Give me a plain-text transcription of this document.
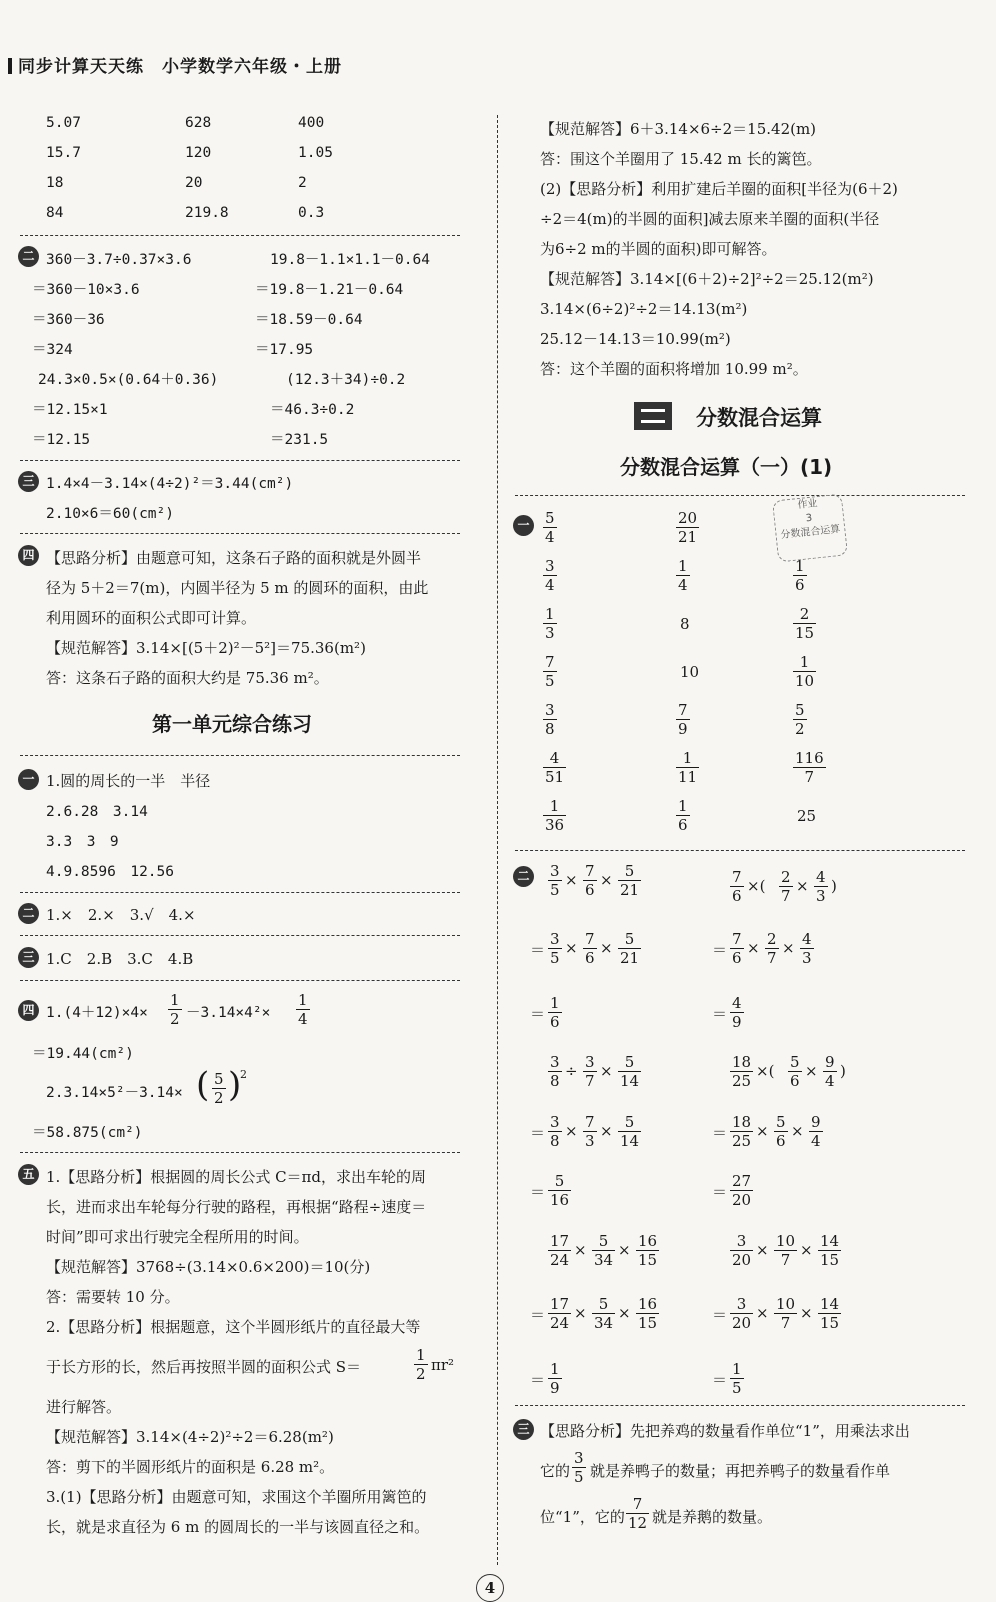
同步计算天天练　小学数学六年级・上册
5.07	628	400
15.7	120	1.05
18	20	2
84	219.8	0.3
二 360－3.7÷0.37×3.6	19.8－1.1×1.1－0.64
＝360－10×3.6	＝19.8－1.21－0.64
＝360－36	＝18.59－0.64
＝324	＝17.95
24.3×0.5×(0.64＋0.36)	(12.3＋34)÷0.2
＝12.15×1	＝46.3÷0.2
＝12.15	＝231.5
三 1.4×4－3.14×(4÷2)²＝3.44(cm²)
2.10×6＝60(cm²)
四 【思路分析】由题意可知，这条石子路的面积就是外圆半
径为 5＋2＝7(m)，内圆半径为 5 m 的圆环的面积，由此
利用圆环的面积公式即可计算。
【规范解答】3.14×[(5＋2)²－5²]＝75.36(m²)
答：这条石子路的面积大约是 75.36 m²。
第一单元综合练习
一 1.圆的周长的一半　半径
2.6.28　3.14
3.3　3　9
4.9.8596　12.56
二 1.×　2.×　3.√　4.×
三 1.C　2.B　3.C　4.B
四 $1.(4+12)\times 4\times \frac{1}{2} -3.14\times 4^2\times \frac{1}{4}$
＝19.44(cm²)
2.3.14×5²－3.14× ( $\frac{5}{2}$ )
2
＝58.875(cm²)
五 1.【思路分析】根据圆的周长公式 C＝πd，求出车轮的周
长，进而求出车轮每分行驶的路程，再根据“路程÷速度＝
时间”即可求出行驶完全程所用的时间。
【规范解答】3768÷(3.14×0.6×200)＝10(分)
答：需要转 10 分。
2.【思路分析】根据题意，这个半圆形纸片的直径最大等
于长方形的长，然后再按照半圆的面积公式 S＝	$\frac{1}{2} \pi r^2$
进行解答。
【规范解答】3.14×(4÷2)²÷2＝6.28(m²)
答：剪下的半圆形纸片的面积是 6.28 m²。
3.(1)【思路分析】由题意可知，求围这个羊圈所用篱笆的
长，就是求直径为 6 m 的圆周长的一半与该圆直径之和。
【规范解答】6＋3.14×6÷2＝15.42(m)
答：围这个羊圈用了 15.42 m 长的篱笆。
(2)【思路分析】利用扩建后羊圈的面积[半径为(6＋2)
÷2＝4(m)的半圆的面积]减去原来羊圈的面积(半径
为6÷2 m的半圆的面积)即可解答。
【规范解答】3.14×[(6＋2)÷2]²÷2＝25.12(m²)
3.14×(6÷2)²÷2＝14.13(m²)
25.12－14.13＝10.99(m²)
答：这个羊圈的面积将增加 10.99 m²。
分数混合运算
分数混合运算（一）(1)
作业
3
分数混合运算
一 $\frac{5}{4}$	$\frac{20}{21}$
$\frac{3}{4}$	$\frac{1}{4}$	$\frac{1}{6}$
$\frac{1}{3}$	8	$\frac{2}{15}$
$\frac{7}{5}$	10	$\frac{1}{10}$
$\frac{3}{8}$	$\frac{7}{9}$	$\frac{5}{2}$
$\frac{4}{51}$	$\frac{1}{11}$	$\frac{116}{7}$
$\frac{1}{36}$	$\frac{1}{6}$	25
二	$\frac{3}{5} \times \frac{7}{6} \times \frac{5}{21}$	$\frac{7}{6}$ ×( $\frac{2}{7} \times \frac{4}{3}$ )
＝ $\frac{3}{5} \times \frac{7}{6} \times \frac{5}{21}$	＝ $\frac{7}{6} \times \frac{2}{7} \times \frac{4}{3}$
＝ $\frac{1}{6}$	＝ $\frac{4}{9}$
$\frac{3}{8} \div \frac{3}{7} \times \frac{5}{14}$	$\frac{18}{25}$ ×( $\frac{5}{6} \times \frac{9}{4}$ )
＝ $\frac{3}{8} \times \frac{7}{3} \times \frac{5}{14}$	＝ $\frac{18}{25} \times \frac{5}{6} \times \frac{9}{4}$
＝ $\frac{5}{16}$	＝ $\frac{27}{20}$
$\frac{17}{24} \times \frac{5}{34} \times \frac{16}{15}$	$\frac{3}{20} \times \frac{10}{7} \times \frac{14}{15}$
＝ $\frac{17}{24} \times \frac{5}{34} \times \frac{16}{15}$	＝ $\frac{3}{20} \times \frac{10}{7} \times \frac{14}{15}$
＝ $\frac{1}{9}$	＝ $\frac{1}{5}$
三 【思路分析】先把养鸡的数量看作单位“1”，用乘法求出
它的 $\frac{3}{5}$ 就是养鸭子的数量；再把养鸭子的数量看作单
位“1”，它的 $\frac{7}{12}$ 就是养鹅的数量。
4
